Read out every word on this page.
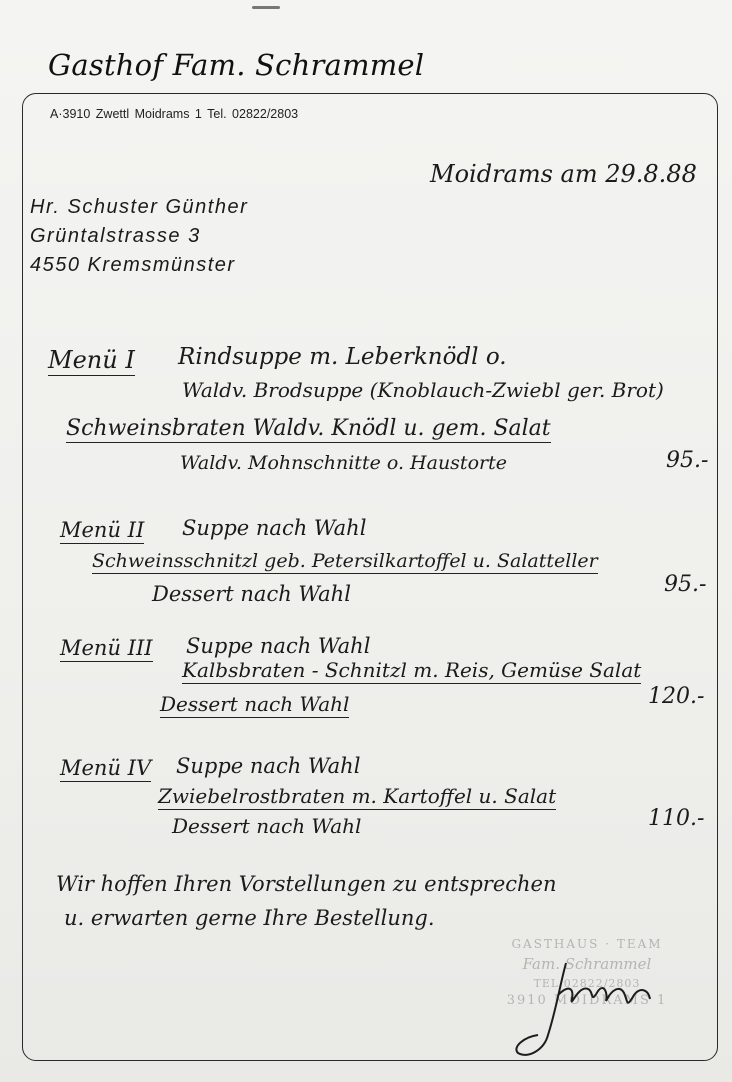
Gasthof Fam. Schrammel
A·3910 Zwettl Moidrams 1 Tel. 02822/2803
Moidrams am 29.8.88
Hr. Schuster Günther
Grüntalstrasse 3
4550 Kremsmünster
Menü I Rindsuppe m. Leberknödl o.
Waldv. Brodsuppe (Knoblauch-Zwiebl ger. Brot)
Schweinsbraten Waldv. Knödl u. gem. Salat
Waldv. Mohnschnitte o. Haustorte	95.-
Menü II Suppe nach Wahl
Schweinsschnitzl geb. Petersilkartoffel u. Salatteller
Dessert nach Wahl	95.-
Menü III Suppe nach Wahl
Kalbsbraten - Schnitzl m. Reis, Gemüse Salat
Dessert nach Wahl	120.-
Menü IV Suppe nach Wahl
Zwiebelrostbraten m. Kartoffel u. Salat
Dessert nach Wahl	110.-
Wir hoffen Ihren Vorstellungen zu entsprechen
u. erwarten gerne Ihre Bestellung.
GASTHAUS · TEAM
Fam. Schrammel
TEL 02822/2803
3910 MOIDRAMS 1
